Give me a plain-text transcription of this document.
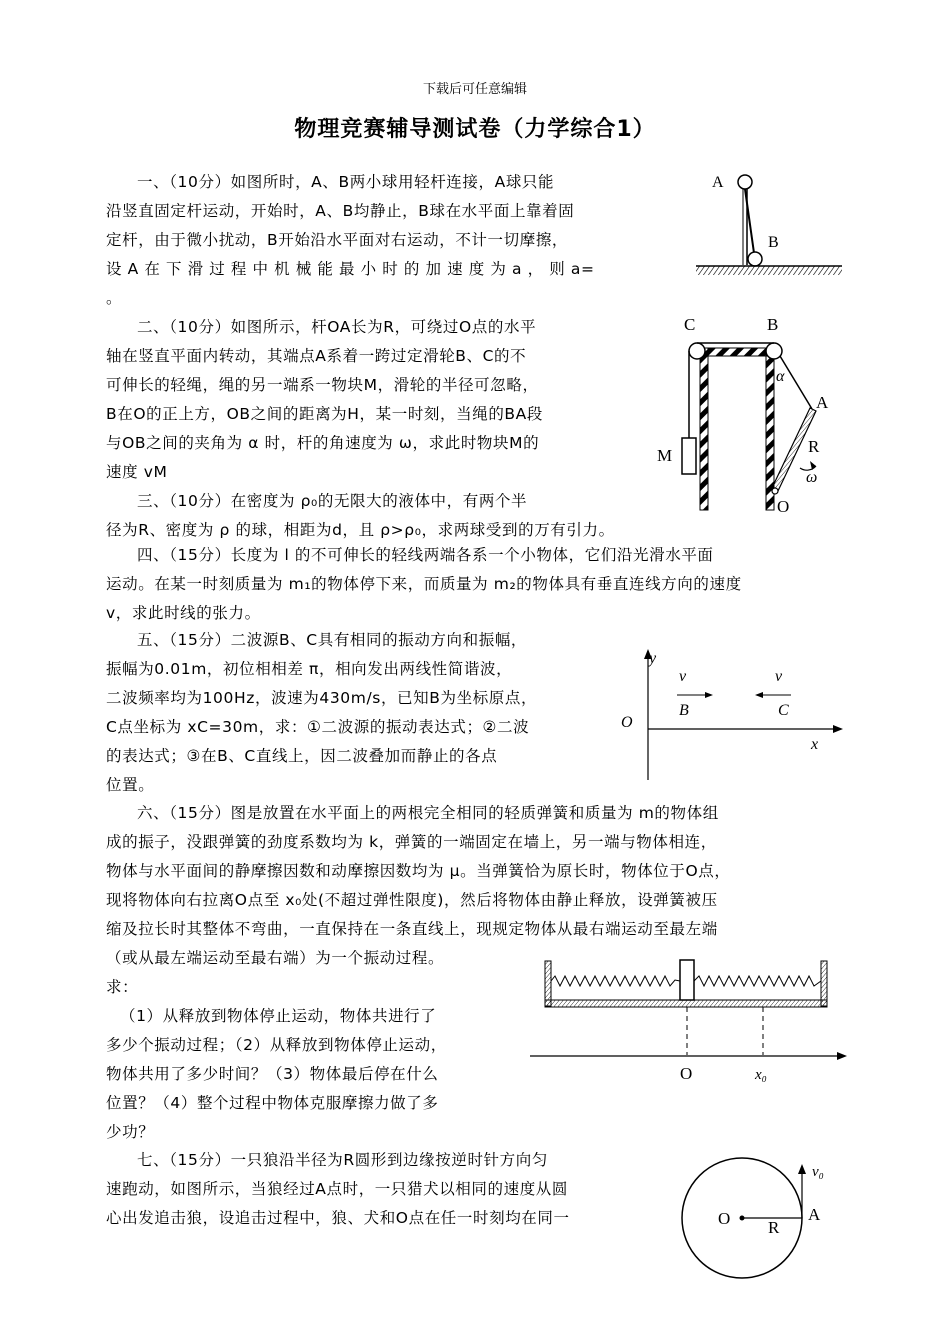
下载后可任意编辑
物理竞赛辅导测试卷（力学综合1）
一、（10分）如图所时，A、B两小球用轻杆连接，A球只能
沿竖直固定杆运动，开始时，A、B均静止，B球在水平面上靠着固
定杆，由于微小扰动，B开始沿水平面对右运动，不计一切摩擦，
设 A 在 下 滑 过 程 中 机 械 能 最 小 时 的 加 速 度 为 a ， 则 a=
。
A
B
二、（10分）如图所示，杆OA长为R，可绕过O点的水平
轴在竖直平面内转动，其端点A系着一跨过定滑轮B、C的不
可伸长的轻绳，绳的另一端系一物块M，滑轮的半径可忽略，
B在O的正上方，OB之间的距离为H，某一时刻，当绳的BA段
与OB之间的夹角为 α 时，杆的角速度为 ω，求此时物块M的
速度 vM
C	B
α
A
R
M
ω
O
三、（10分）在密度为 ρ₀的无限大的液体中，有两个半
径为R、密度为 ρ 的球，相距为d，且 ρ>ρ₀，求两球受到的万有引力。
四、（15分）长度为 l 的不可伸长的轻线两端各系一个小物体，它们沿光滑水平面
运动。在某一时刻质量为 m₁的物体停下来，而质量为 m₂的物体具有垂直连线方向的速度
v，求此时线的张力。
五、（15分）二波源B、C具有相同的振动方向和振幅，
振幅为0.01m，初位相相差 π，相向发出两线性简谐波，
二波频率均为100Hz，波速为430m/s，已知B为坐标原点，
C点坐标为 xC=30m，求：①二波源的振动表达式；②二波
的表达式；③在B、C直线上，因二波叠加而静止的各点
位置。
y
x
O
v	v
B	C
六、（15分）图是放置在水平面上的两根完全相同的轻质弹簧和质量为 m的物体组
成的振子，没跟弹簧的劲度系数均为 k，弹簧的一端固定在墙上，另一端与物体相连，
物体与水平面间的静摩擦因数和动摩擦因数均为 μ。当弹簧恰为原长时，物体位于O点，
现将物体向右拉离O点至 x₀处(不超过弹性限度)，然后将物体由静止释放，设弹簧被压
缩及拉长时其整体不弯曲，一直保持在一条直线上，现规定物体从最右端运动至最左端
（或从最左端运动至最右端）为一个振动过程。
求：
（1）从释放到物体停止运动，物体共进行了
多少个振动过程；（2）从释放到物体停止运动，
物体共用了多少时间？（3）物体最后停在什么
位置？（4）整个过程中物体克服摩擦力做了多
少功？
O	x₀
七、（15分）一只狼沿半径为R圆形到边缘按逆时针方向匀
速跑动，如图所示，当狼经过A点时，一只猎犬以相同的速度从圆
心出发追击狼，设追击过程中，狼、犬和O点在任一时刻均在同一	O R
A
v₀
